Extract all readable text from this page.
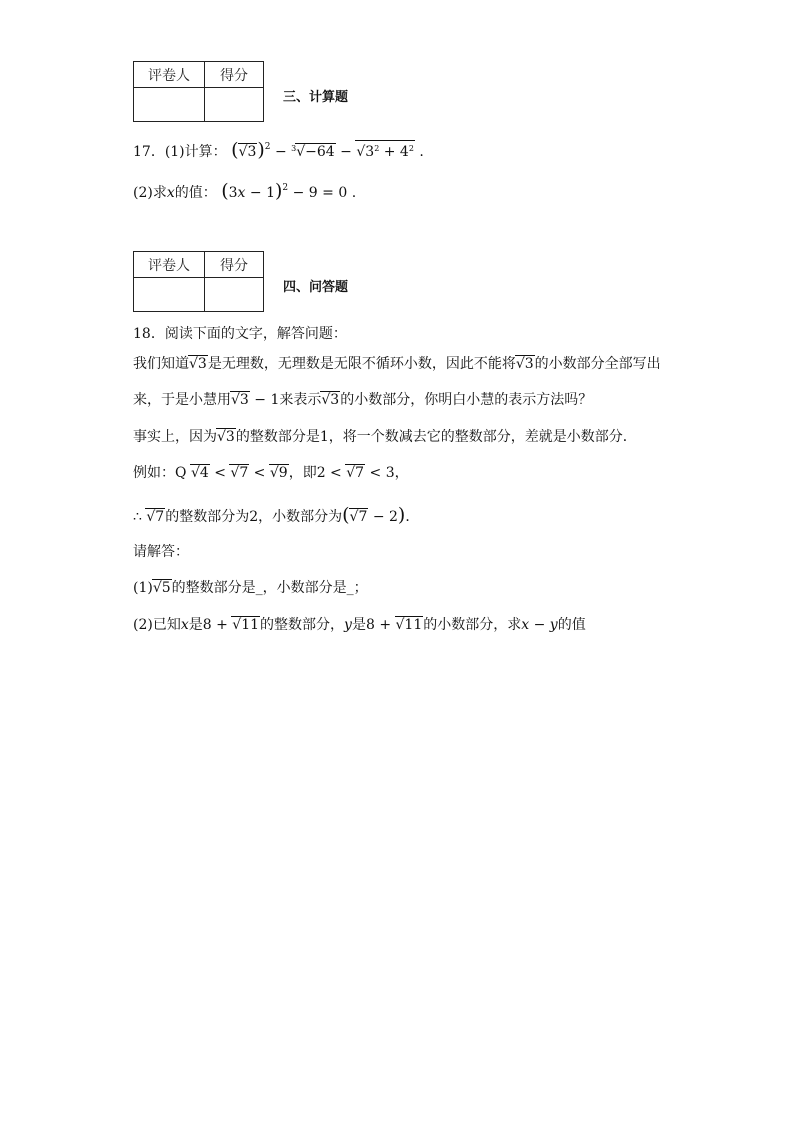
评卷人	得分

三、计算题
17．(1)计算： $(√3)^2 - ^3√-64 - √3^2 + 4^2$ .
(2)求x的值： $(3x - 1)^2 - 9 = 0$ .
评卷人	得分

四、问答题
18．阅读下面的文字，解答问题：
我们知道√3是无理数，无理数是无限不循环小数，因此不能将√3的小数部分全部写出
来，于是小慧用√3 − 1来表示√3的小数部分，你明白小慧的表示方法吗？
事实上，因为√3的整数部分是1，将一个数减去它的整数部分，差就是小数部分．
例如：Q √4 < √7 < √9，即2 < √7 < 3，
∴ √7的整数部分为2，小数部分为(√7 − 2)．
请解答：
(1)√5的整数部分是_，小数部分是_；
(2)已知x是8 + √11的整数部分，y是8 + √11的小数部分，求x − y的值
